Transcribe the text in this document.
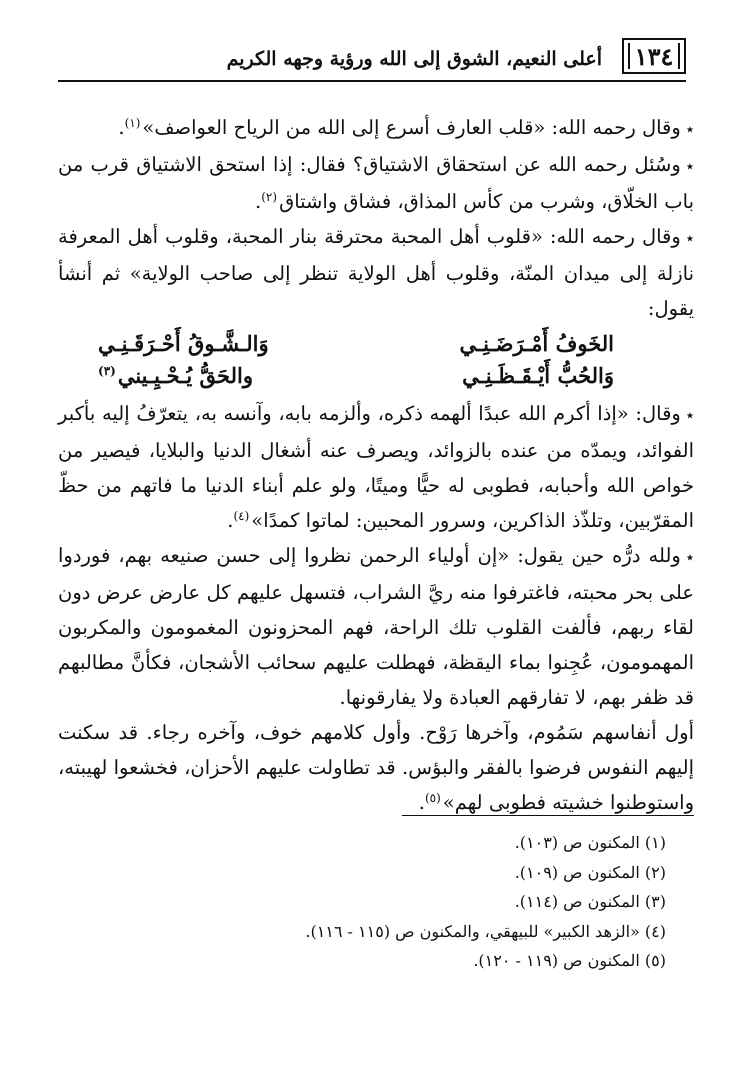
١٣٤
أعلى النعيم، الشوق إلى الله ورؤية وجهه الكريم

٭وقال رحمه الله: «قلب العارف أسرع إلى الله من الرياح العواصف»$^{(١)}$.

٭وسُئل رحمه الله عن استحقاق الاشتياق؟ فقال: إذا استحق الاشتياق قرب من باب الخلّاق، وشرب من كأس المذاق، فشاق واشتاق$^{(٢)}$.

٭وقال رحمه الله: «قلوب أهل المحبة محترقة بنار المحبة، وقلوب أهل المعرفة نازلة إلى ميدان المنّة، وقلوب أهل الولاية تنظر إلى صاحب الولاية» ثم أنشأ يقول:

الخَوفُ أَمْـرَضَـنِـي
وَالـشَّـوقُ أَحْـرَقَـنِـي
وَالحُبُّ أَيْـقَـظَـنِـي
والحَقُّ يُـحْـيِـيني$^{(٣)}$

٭وقال: «إذا أكرم الله عبدًا ألهمه ذكره، وألزمه بابه، وآنسه به، يتعرّفُ إليه بأكبر الفوائد، ويمدّه من عنده بالزوائد، ويصرف عنه أشغال الدنيا والبلايا، فيصير من خواص الله وأحبابه، فطوبى له حيًّا وميتًا، ولو علم أبناء الدنيا ما فاتهم من حظّ المقرّبين، وتلذّذ الذاكرين، وسرور المحبين: لماتوا كمدًا»$^{(٤)}$.

٭ولله درُّه حين يقول: «إن أولياء الرحمن نظروا إلى حسن صنيعه بهم، فوردوا على بحر محبته، فاغترفوا منه ريَّ الشراب، فتسهل عليهم كل عارض عرض دون لقاء ربهم، فألفت القلوب تلك الراحة، فهم المحزونون المغمومون والمكربون المهمومون، عُجِنوا بماء اليقظة، فهطلت عليهم سحائب الأشجان، فكأنَّ مطالبهم قد ظفر بهم، لا تفارقهم العبادة ولا يفارقونها.

أول أنفاسهم سَمُوم، وآخرها رَوْح. وأول كلامهم خوف، وآخره رجاء. قد سكنت إليهم النفوس فرضوا بالفقر والبؤس. قد تطاولت عليهم الأحزان، فخشعوا لهيبته، واستوطنوا خشيته فطوبى لهم»$^{(٥)}$.

(١) المكنون ص (١٠٣).

(٢) المكنون ص (١٠٩).

(٣) المكنون ص (١١٤).

(٤) «الزهد الكبير» للبيهقي، والمكنون ص (١١٥ - ١١٦).

(٥) المكنون ص (١١٩ - ١٢٠).
